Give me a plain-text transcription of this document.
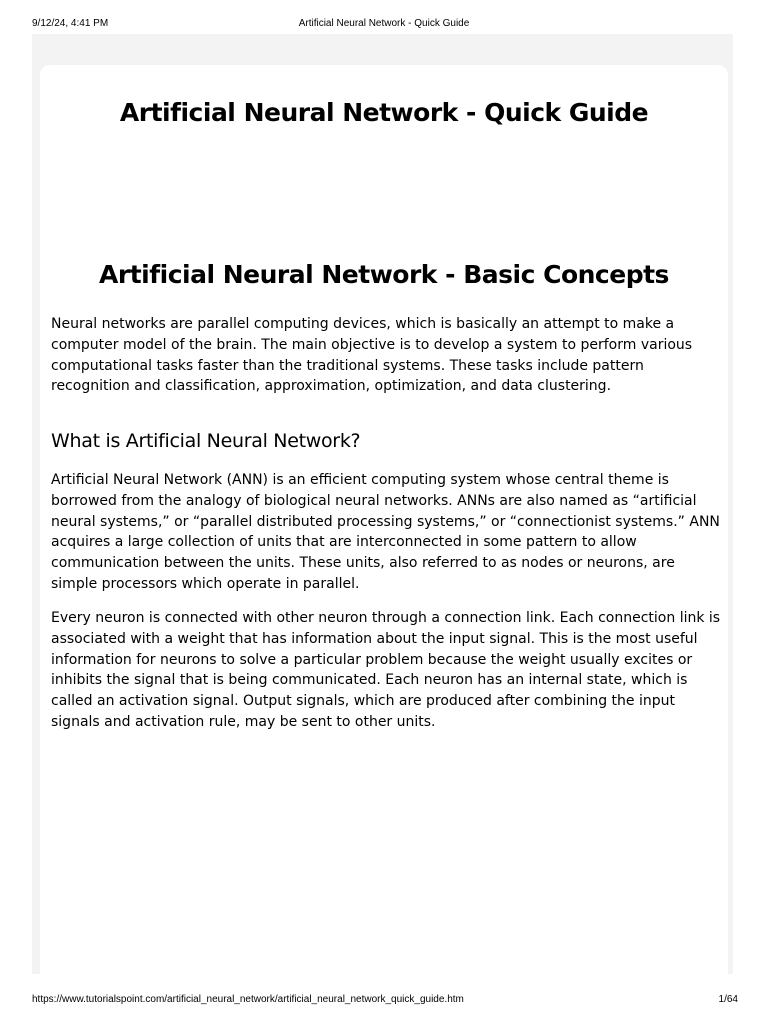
9/12/24, 4:41 PM	Artificial Neural Network - Quick Guide
Artificial Neural Network - Quick Guide
Artificial Neural Network - Basic Concepts

Neural networks are parallel computing devices, which is basically an attempt to make a computer model of the brain. The main objective is to develop a system to perform various computational tasks faster than the traditional systems. These tasks include pattern recognition and classification, approximation, optimization, and data clustering.

What is Artificial Neural Network?

Artificial Neural Network (ANN) is an efficient computing system whose central theme is borrowed from the analogy of biological neural networks. ANNs are also named as “artificial neural systems,” or “parallel distributed processing systems,” or “connectionist systems.” ANN acquires a large collection of units that are interconnected in some pattern to allow communication between the units. These units, also referred to as nodes or neurons, are simple processors which operate in parallel.

Every neuron is connected with other neuron through a connection link. Each connection link is associated with a weight that has information about the input signal. This is the most useful information for neurons to solve a particular problem because the weight usually excites or inhibits the signal that is being communicated. Each neuron has an internal state, which is called an activation signal. Output signals, which are produced after combining the input signals and activation rule, may be sent to other units.

https://www.tutorialspoint.com/artificial_neural_network/artificial_neural_network_quick_guide.htm	1/64
